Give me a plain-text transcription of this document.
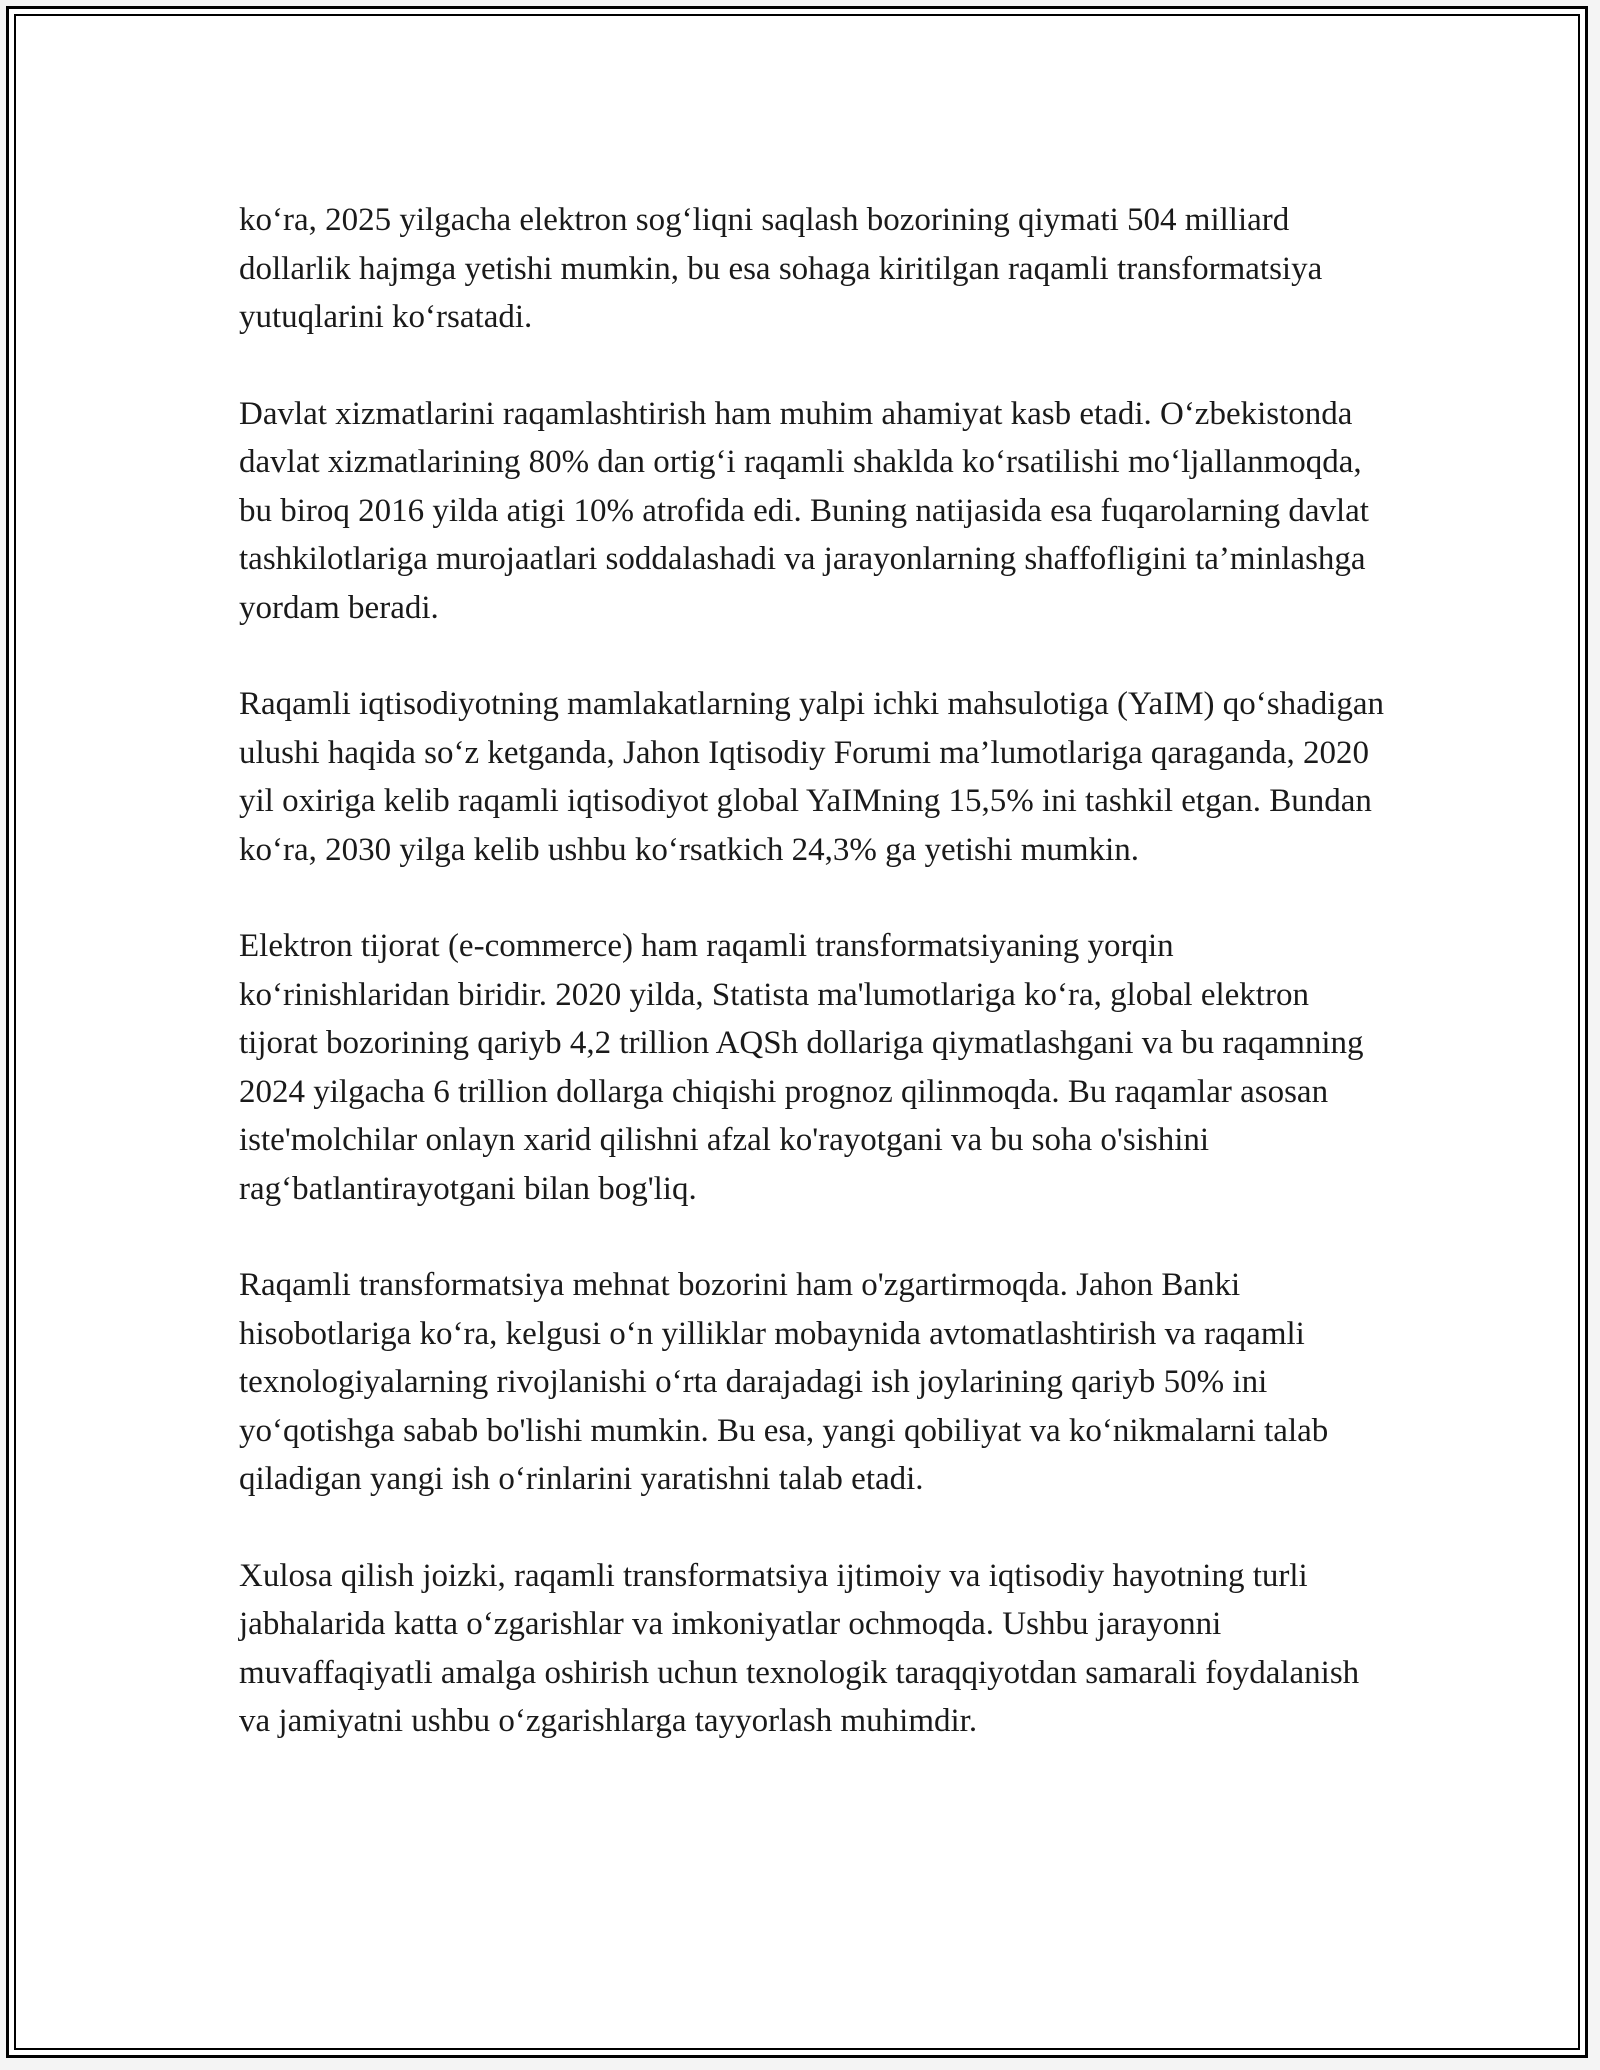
ko‘ra, 2025 yilgacha elektron sog‘liqni saqlash bozorining qiymati 504 milliard dollarlik hajmga yetishi mumkin, bu esa sohaga kiritilgan raqamli transformatsiya yutuqlarini ko‘rsatadi.

Davlat xizmatlarini raqamlashtirish ham muhim ahamiyat kasb etadi. O‘zbekistonda davlat xizmatlarining 80% dan ortig‘i raqamli shaklda ko‘rsatilishi mo‘ljallanmoqda, bu biroq 2016 yilda atigi 10% atrofida edi. Buning natijasida esa fuqarolarning davlat tashkilotlariga murojaatlari soddalashadi va jarayonlarning shaffofligini ta’minlashga yordam beradi.

Raqamli iqtisodiyotning mamlakatlarning yalpi ichki mahsulotiga (YaIM) qo‘shadigan ulushi haqida so‘z ketganda, Jahon Iqtisodiy Forumi ma’lumotlariga qaraganda, 2020 yil oxiriga kelib raqamli iqtisodiyot global YaIMning 15,5% ini tashkil etgan. Bundan ko‘ra, 2030 yilga kelib ushbu ko‘rsatkich 24,3% ga yetishi mumkin.

Elektron tijorat (e-commerce) ham raqamli transformatsiyaning yorqin ko‘rinishlaridan biridir. 2020 yilda, Statista ma'lumotlariga ko‘ra, global elektron tijorat bozorining qariyb 4,2 trillion AQSh dollariga qiymatlashgani va bu raqamning 2024 yilgacha 6 trillion dollarga chiqishi prognoz qilinmoqda. Bu raqamlar asosan iste'molchilar onlayn xarid qilishni afzal ko'rayotgani va bu soha o'sishini rag‘batlantirayotgani bilan bog'liq.

Raqamli transformatsiya mehnat bozorini ham o'zgartirmoqda. Jahon Banki hisobotlariga ko‘ra, kelgusi o‘n yilliklar mobaynida avtomatlashtirish va raqamli texnologiyalarning rivojlanishi o‘rta darajadagi ish joylarining qariyb 50% ini yo‘qotishga sabab bo'lishi mumkin. Bu esa, yangi qobiliyat va ko‘nikmalarni talab qiladigan yangi ish o‘rinlarini yaratishni talab etadi.

Xulosa qilish joizki, raqamli transformatsiya ijtimoiy va iqtisodiy hayotning turli jabhalarida katta o‘zgarishlar va imkoniyatlar ochmoqda. Ushbu jarayonni muvaffaqiyatli amalga oshirish uchun texnologik taraqqiyotdan samarali foydalanish va jamiyatni ushbu o‘zgarishlarga tayyorlash muhimdir.
